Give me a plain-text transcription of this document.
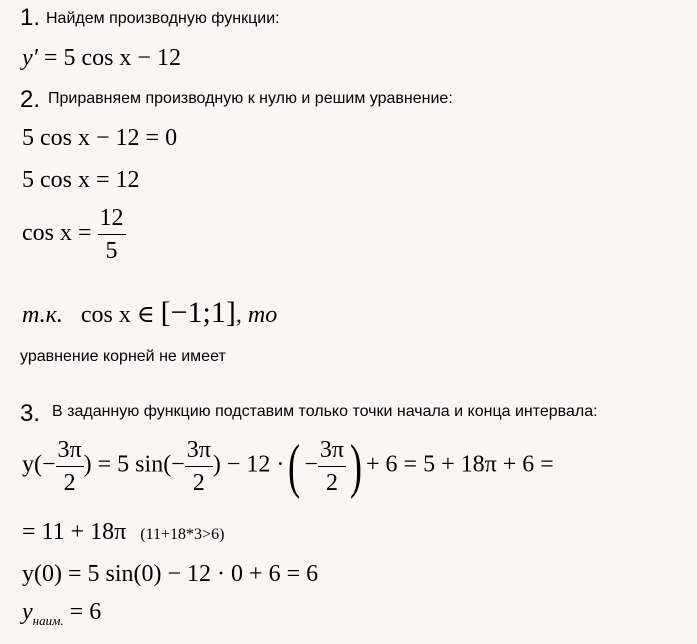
1. Найдем производную функции:
y′ = 5 cos x − 12
2. Приравняем производную к нулю и решим уравнение:
5 cos x − 12 = 0
5 cos x = 12
$\cos x = \frac{12}{5}$
т.к. cos x ∈ [−1;1], то
уравнение корней не имеет
3. В заданную функцию подставим только точки начала и конца интервала:
$y(- \frac{3\pi}{2}$ ) = 5 $\sin(- \frac{3\pi}{2}$ ) − 12 ·( − $\frac{3\pi}{2}$ ) + 6 = 5 + 18π + 6 =
= 11 + 18π (11+18*3>6)
y(0) = 5 sin(0) − 12 · 0 + 6 = 6
$y_{наим.} = 6$
